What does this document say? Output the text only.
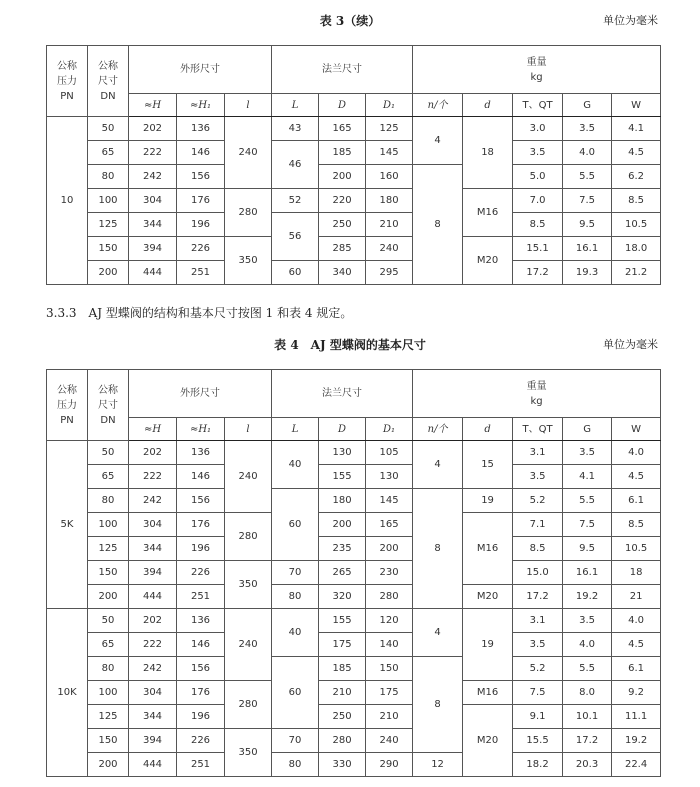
表 3（续）	单位为毫米
公称压力PN	公称尺寸DN	外形尺寸			法兰尺寸			重量
kg				

		≈H	≈H₁	l	L	D	D₁	n/个	d	T、QT	G	W
10	50	202	136	240	43	165	125	4	18	3.0	3.5	4.1
	65	222	146		46	185	145			3.5	4.0	4.5
	80	242	156			200	160	8		5.0	5.5	6.2
	100	304	176	280	52	220	180		M16	7.0	7.5	8.5
	125	344	196		56	250	210			8.5	9.5	10.5
	150	394	226	350		285	240		M20	15.1	16.1	18.0
	200	444	251		60	340	295			17.2	19.3	21.2
3.3.3　AJ 型蝶阀的结构和基本尺寸按图 1 和表 4 规定。
表 4　AJ 型蝶阀的基本尺寸	单位为毫米
公称压力PN	公称尺寸DN	外形尺寸			法兰尺寸			重量
kg				

		≈H	≈H₁	l	L	D	D₁	n/个	d	T、QT	G	W
5K	50	202	136	240	40	130	105	4	15	3.1	3.5	4.0
	65	222	146			155	130			3.5	4.1	4.5
	80	242	156		60	180	145	8	19	5.2	5.5	6.1
	100	304	176	280		200	165		M16	7.1	7.5	8.5
	125	344	196			235	200			8.5	9.5	10.5
	150	394	226	350	70	265	230			15.0	16.1	18
	200	444	251		80	320	280		M20	17.2	19.2	21
10K	50	202	136	240	40	155	120	4	19	3.1	3.5	4.0
	65	222	146			175	140			3.5	4.0	4.5
	80	242	156		60	185	150	8		5.2	5.5	6.1
	100	304	176	280		210	175		M16	7.5	8.0	9.2
	125	344	196			250	210		M20	9.1	10.1	11.1
	150	394	226	350	70	280	240			15.5	17.2	19.2
	200	444	251		80	330	290	12		18.2	20.3	22.4
